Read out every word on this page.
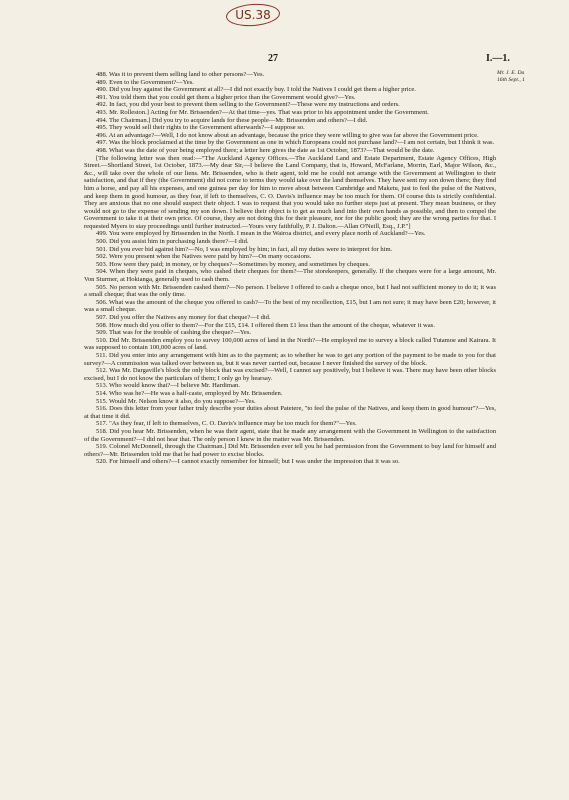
US.38
27	I.—1.
Mr. J. E. Da
16th Sept., 1

488. Was it to prevent them selling land to other persons?—Yes.

489. Even to the Government?—Yes.

490. Did you buy against the Government at all?—I did not exactly buy. I told the Natives I could get them a higher price.

491. You told them that you could get them a higher price than the Government would give?—Yes.

492. In fact, you did your best to prevent them selling to the Government?—These were my instructions and orders.

493. Mr. Rolleston.] Acting for Mr. Brissenden?—At that time—yes. That was prior to his appointment under the Government.

494. The Chairman.] Did you try to acquire lands for these people—Mr. Brissenden and others?—I did.

495. They would sell their rights to the Government afterwards?—I suppose so.

496. At an advantage?—Well, I do not know about an advantage, because the price they were willing to give was far above the Government price.

497. Was the block proclaimed at the time by the Government as one in which Europeans could not purchase land?—I am not certain, but I think it was.

498. What was the date of your being employed there; a letter here gives the date as 1st October, 1873?—That would be the date.

[The following letter was then read:—"The Auckland Agency Offices.—The Auckland Land and Estate Department, Estate Agency Offices, High Street.—Shortland Street, 1st October, 1873.—My dear Sir,—I believe the Land Company, that is, Howard, McFarlane, Morrin, Earl, Major Wilson, &c., &c., will take over the whole of our liens. Mr. Brissenden, who is their agent, told me he could not arrange with the Government at Wellington to their satisfaction, and that if they (the Government) did not come to terms they would take over the land themselves. They have sent my son down there; they find him a horse, and pay all his expenses, and one guinea per day for him to move about between Cambridge and Maketu, just to feel the pulse of the Natives, and keep them in good humour, as they fear, if left to themselves, C. O. Davis's influence may be too much for them. Of course this is strictly confidential. They are anxious that no one should suspect their object. I was to request that you would take no further steps just at present. They mean business, or they would not go to the expense of sending my son down. I believe their object is to get as much land into their own hands as possible, and then to compel the Government to take it at their own price. Of course, they are not doing this for their pleasure, nor for the public good; they are the wrong parties for that. I requested Myers to stay proceedings until further instructed.—Yours very faithfully, P. J. Dalton.—Allan O'Neill, Esq., J.P."]

499. You were employed by Brissenden in the North. I mean in the Wairoa district, and every place north of Auckland?—Yes.

500. Did you assist him in purchasing lands there?—I did.

501. Did you ever bid against him?—No, I was employed by him; in fact, all my duties were to interpret for him.

502. Were you present when the Natives were paid by him?—On many occasions.

503. How were they paid; in money, or by cheques?—Sometimes by money, and sometimes by cheques.

504. When they were paid in cheques, who cashed their cheques for them?—The storekeepers, generally. If the cheques were for a large amount, Mr. Von Sturmer, at Hokianga, generally used to cash them.

505. No person with Mr. Brissenden cashed them?—No person. I believe I offered to cash a cheque once, but I had not sufficient money to do it; it was a small cheque; that was the only time.

506. What was the amount of the cheque you offered to cash?—To the best of my recollection, £15, but I am not sure; it may have been £20; however, it was a small cheque.

507. Did you offer the Natives any money for that cheque?—I did.

508. How much did you offer to them?—For the £15, £14. I offered them £1 less than the amount of the cheque, whatever it was.

509. That was for the trouble of cashing the cheque?—Yes.

510. Did Mr. Brissenden employ you to survey 100,000 acres of land in the North?—He employed me to survey a block called Tutamoe and Kairara. It was supposed to contain 100,000 acres of land.

511. Did you enter into any arrangement with him as to the payment; as to whether he was to get any portion of the payment to be made to you for that survey?—A commission was talked over between us, but it was never carried out, because I never finished the survey of the block.

512. Was Mr. Dargaville's block the only block that was excised?—Well, I cannot say positively, but I believe it was. There may have been other blocks excised, but I do not know the particulars of them; I only go by hearsay.

513. Who would know that?—I believe Mr. Hardiman.

514. Who was he?—He was a half-caste, employed by Mr. Brissenden.

515. Would Mr. Nelson know it also, do you suppose?—Yes.

516. Does this letter from your father truly describe your duties about Patetere, "to feel the pulse of the Natives, and keep them in good humour"?—Yes, at that time it did.

517. "As they fear, if left to themselves, C. O. Davis's influence may be too much for them?"—Yes.

518. Did you hear Mr. Brissenden, when he was their agent, state that he made any arrangement with the Government in Wellington to the satisfaction of the Government?—I did not hear that. The only person I knew in the matter was Mr. Brissenden.

519. Colonel McDonnell, through the Chairman.] Did Mr. Brissenden ever tell you he had permission from the Government to buy land for himself and others?—Mr. Brissenden told me that he had power to excise blocks.

520. For himself and others?—I cannot exactly remember for himself; but I was under the impression that it was so.
